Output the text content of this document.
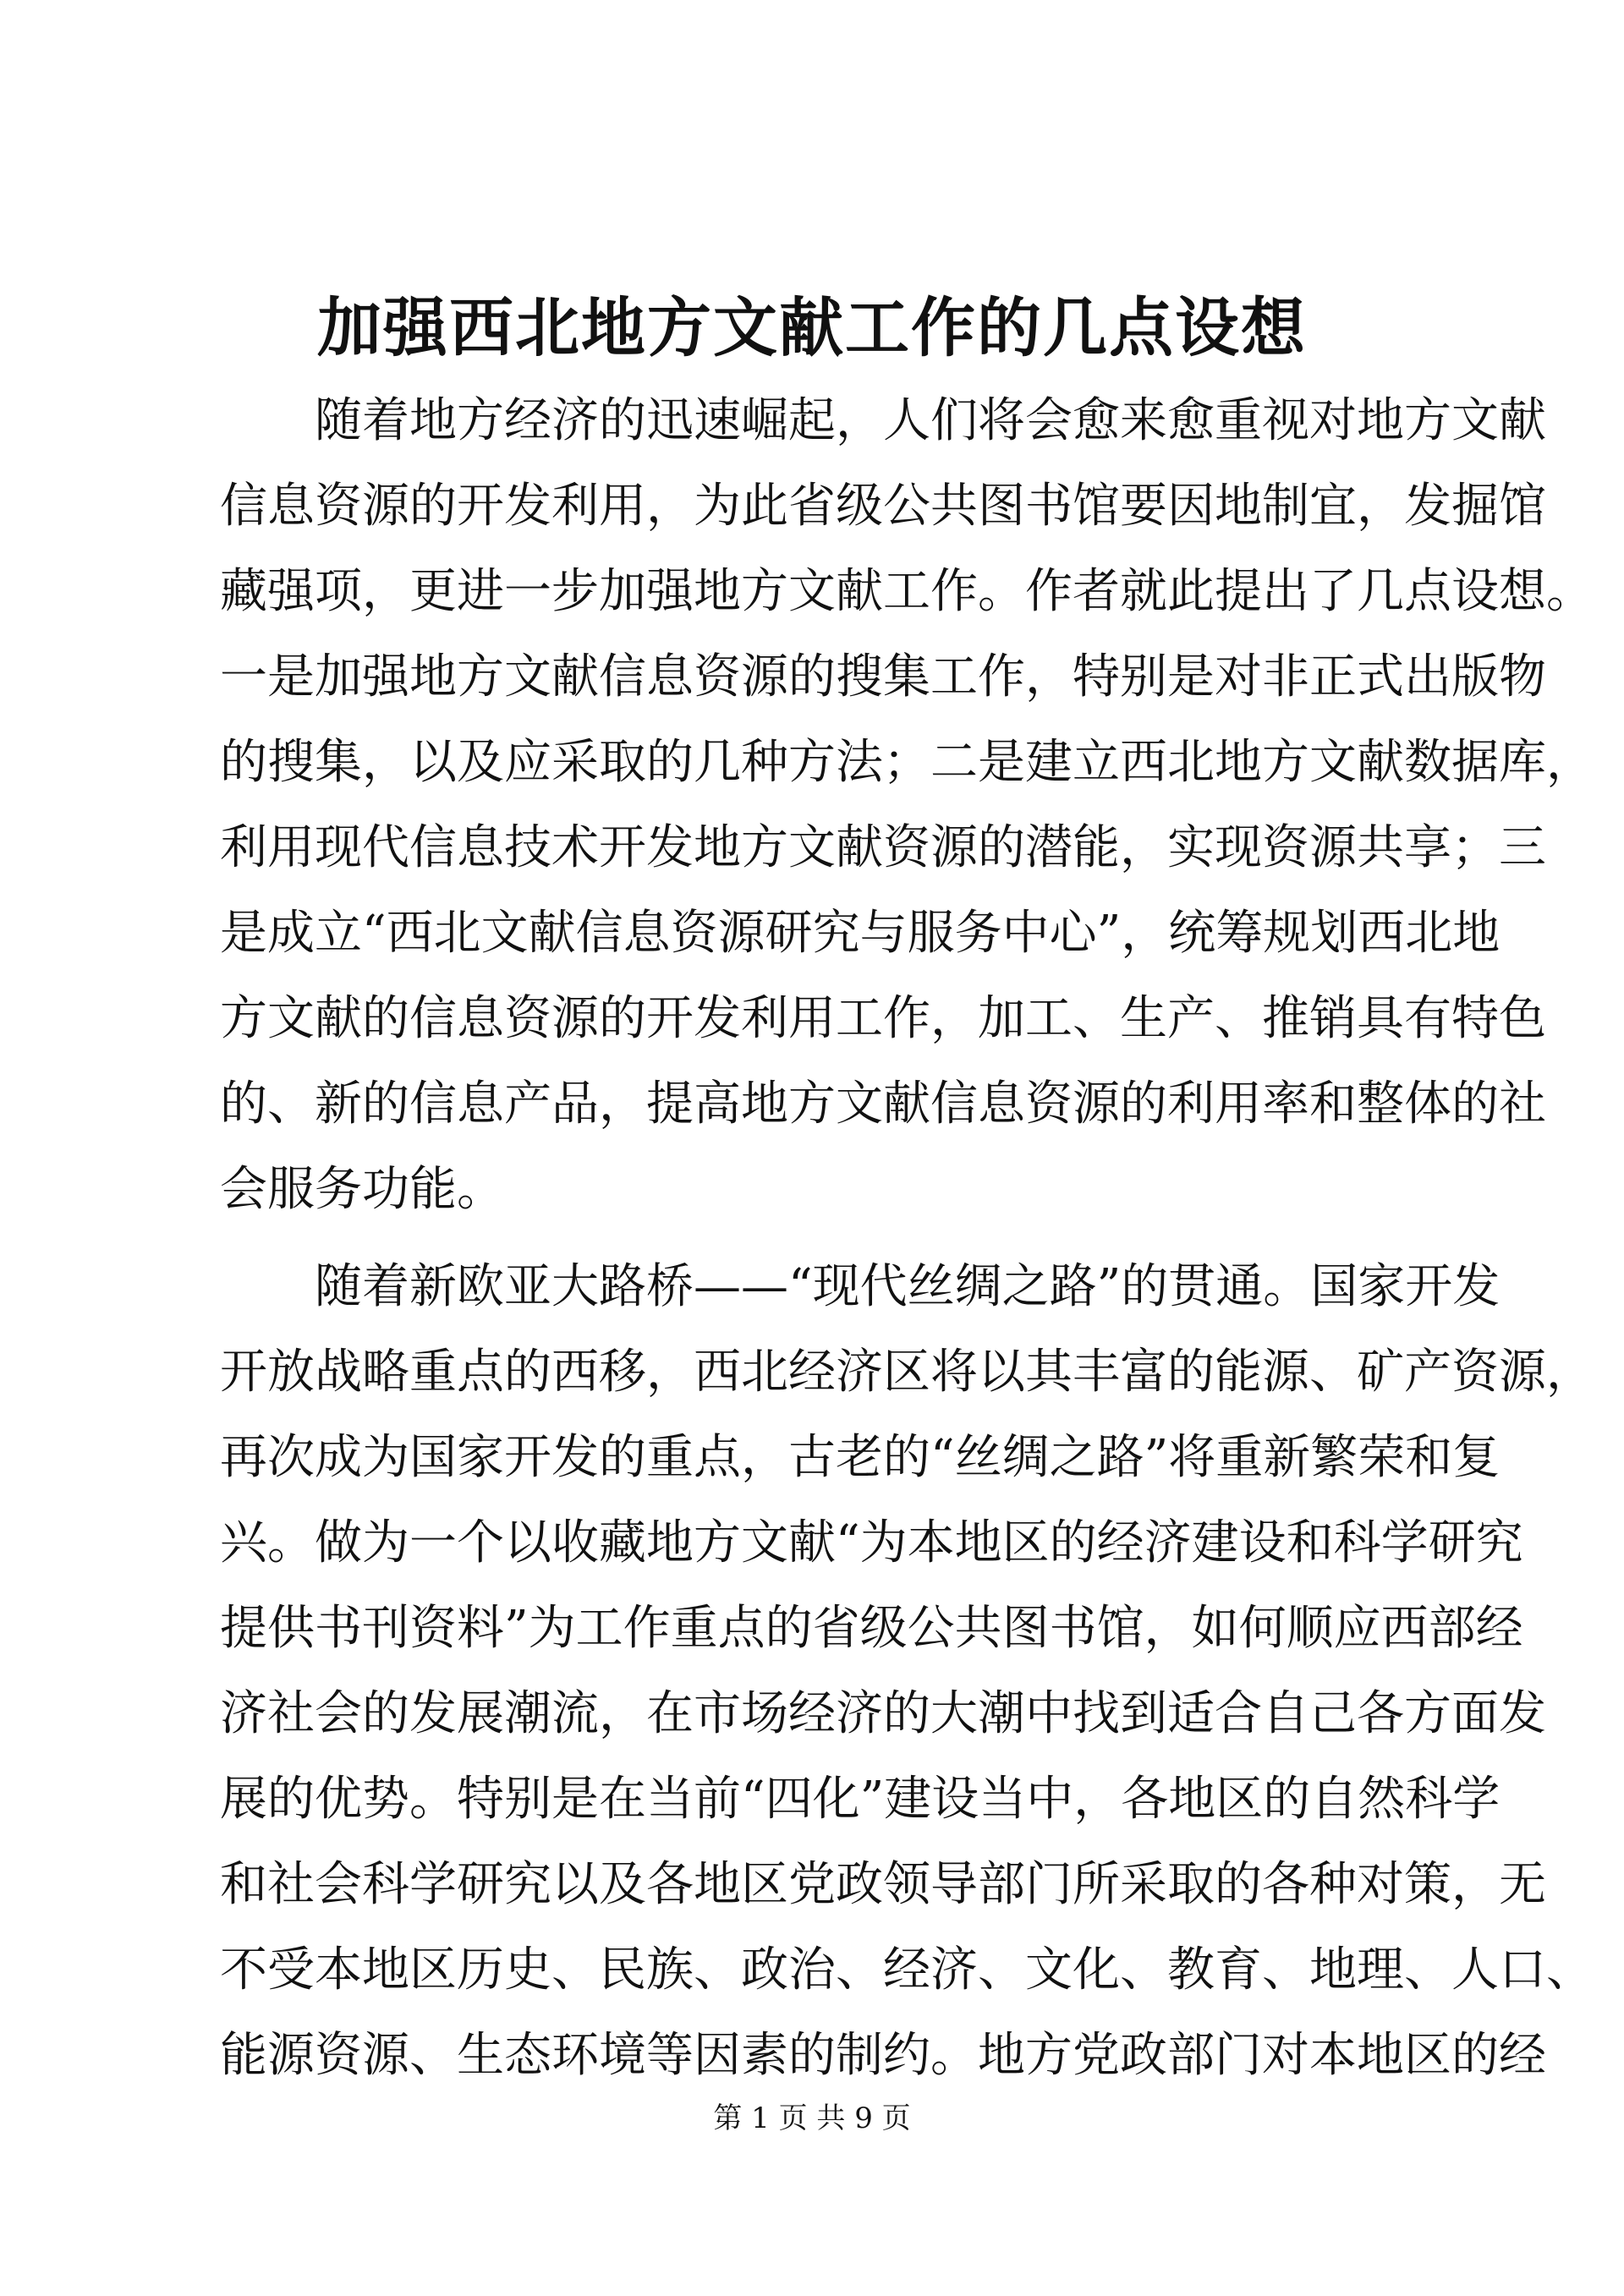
加强西北地方文献工作的几点设想
随着地方经济的迅速崛起，人们将会愈来愈重视对地方文献
信息资源的开发利用，为此省级公共图书馆要因地制宜，发掘馆
藏强项，更进一步加强地方文献工作。作者就此提出了几点设想。
一是加强地方文献信息资源的搜集工作，特别是对非正式出版物
的搜集，以及应采取的几种方法；二是建立西北地方文献数据库，
利用现代信息技术开发地方文献资源的潜能，实现资源共享；三
是成立“西北文献信息资源研究与服务中心”，统筹规划西北地
方文献的信息资源的开发利用工作，加工、生产、推销具有特色
的、新的信息产品，提高地方文献信息资源的利用率和整体的社
会服务功能。
随着新欧亚大路桥——“现代丝绸之路”的贯通。国家开发
开放战略重点的西移，西北经济区将以其丰富的能源、矿产资源，
再次成为国家开发的重点，古老的“丝绸之路”将重新繁荣和复
兴。做为一个以收藏地方文献“为本地区的经济建设和科学研究
提供书刊资料”为工作重点的省级公共图书馆，如何顺应西部经
济社会的发展潮流，在市场经济的大潮中找到适合自己各方面发
展的优势。特别是在当前“四化”建设当中，各地区的自然科学
和社会科学研究以及各地区党政领导部门所采取的各种对策，无
不受本地区历史、民族、政治、经济、文化、教育、地理、人口、
能源资源、生态环境等因素的制约。地方党政部门对本地区的经
第 1 页 共 9 页
